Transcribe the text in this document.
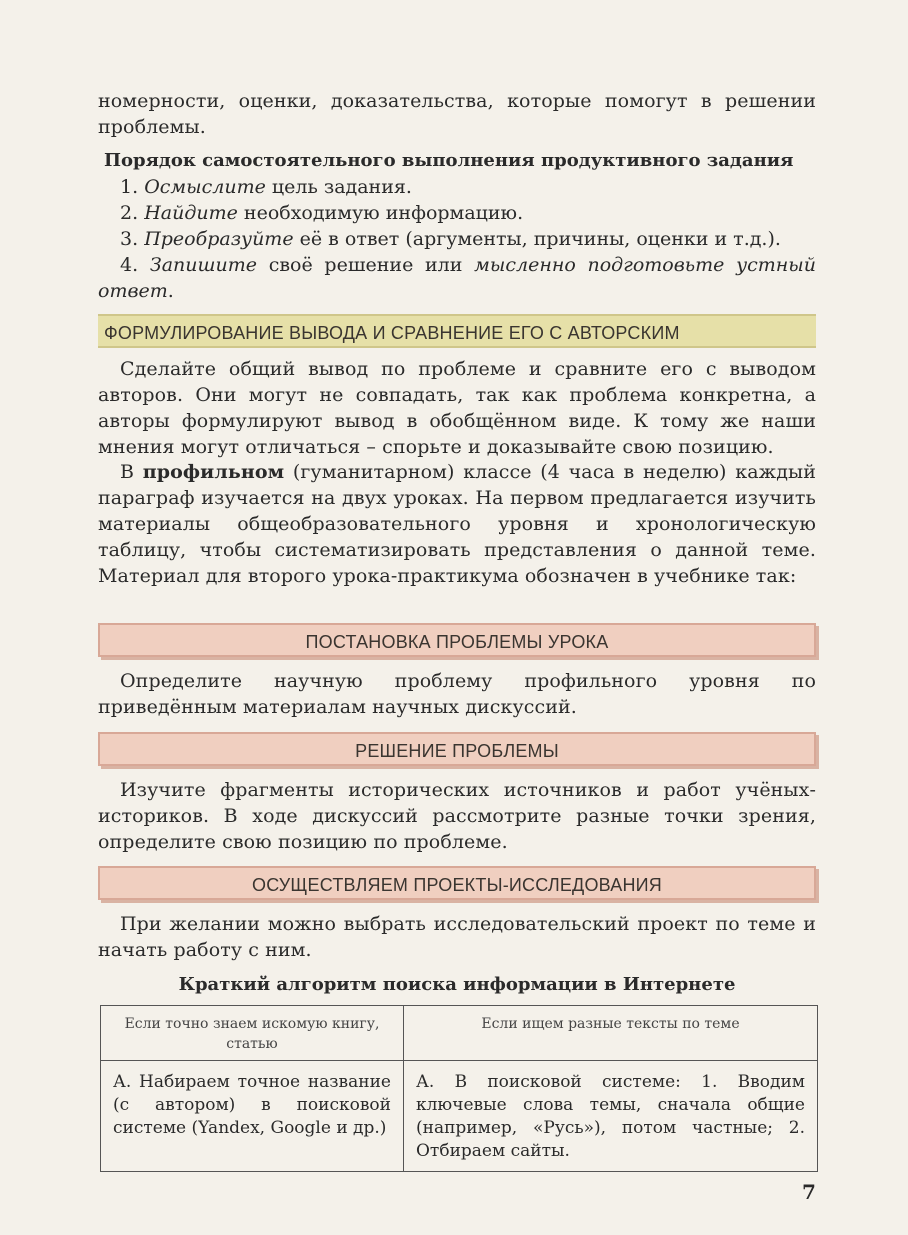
номерности, оценки, доказательства, которые помогут в решении проблемы.

Порядок самостоятельного выполнения продуктивного задания

1. Осмыслите цель задания.

2. Найдите необходимую информацию.

3. Преобразуйте её в ответ (аргументы, причины, оценки и т.д.).

4. Запишите своё решение или мысленно подготовьте устный ответ.

ФОРМУЛИРОВАНИЕ ВЫВОДА И СРАВНЕНИЕ ЕГО С АВТОРСКИМ

Сделайте общий вывод по проблеме и сравните его с выводом авторов. Они могут не совпадать, так как проблема конкретна, а авторы формулируют вывод в обобщённом виде. К тому же наши мнения могут отличаться – спорьте и доказывайте свою позицию.

В профильном (гуманитарном) классе (4 часа в неделю) каждый параграф изучается на двух уроках. На первом предлагается изучить материалы общеобразовательного уровня и хронологическую таблицу, чтобы систематизировать представления о данной теме. Материал для второго урока-практикума обозначен в учебнике так:

ПОСТАНОВКА ПРОБЛЕМЫ УРОКА

Определите научную проблему профильного уровня по приведённым материалам научных дискуссий.

РЕШЕНИЕ ПРОБЛЕМЫ

Изучите фрагменты исторических источников и работ учёных-историков. В ходе дискуссий рассмотрите разные точки зрения, определите свою позицию по проблеме.

ОСУЩЕСТВЛЯЕМ ПРОЕКТЫ-ИССЛЕДОВАНИЯ

При желании можно выбрать исследовательский проект по теме и начать работу с ним.

Краткий алгоритм поиска информации в Интернете

Если точно знаем искомую книгу, статью	Если ищем разные тексты по теме
А. Набираем точное название (с автором) в поисковой системе (Yandex, Google и др.)	А. В поисковой системе: 1. Вводим ключевые слова темы, сначала общие (например, «Русь»), потом частные; 2. Отбираем сайты.
7
